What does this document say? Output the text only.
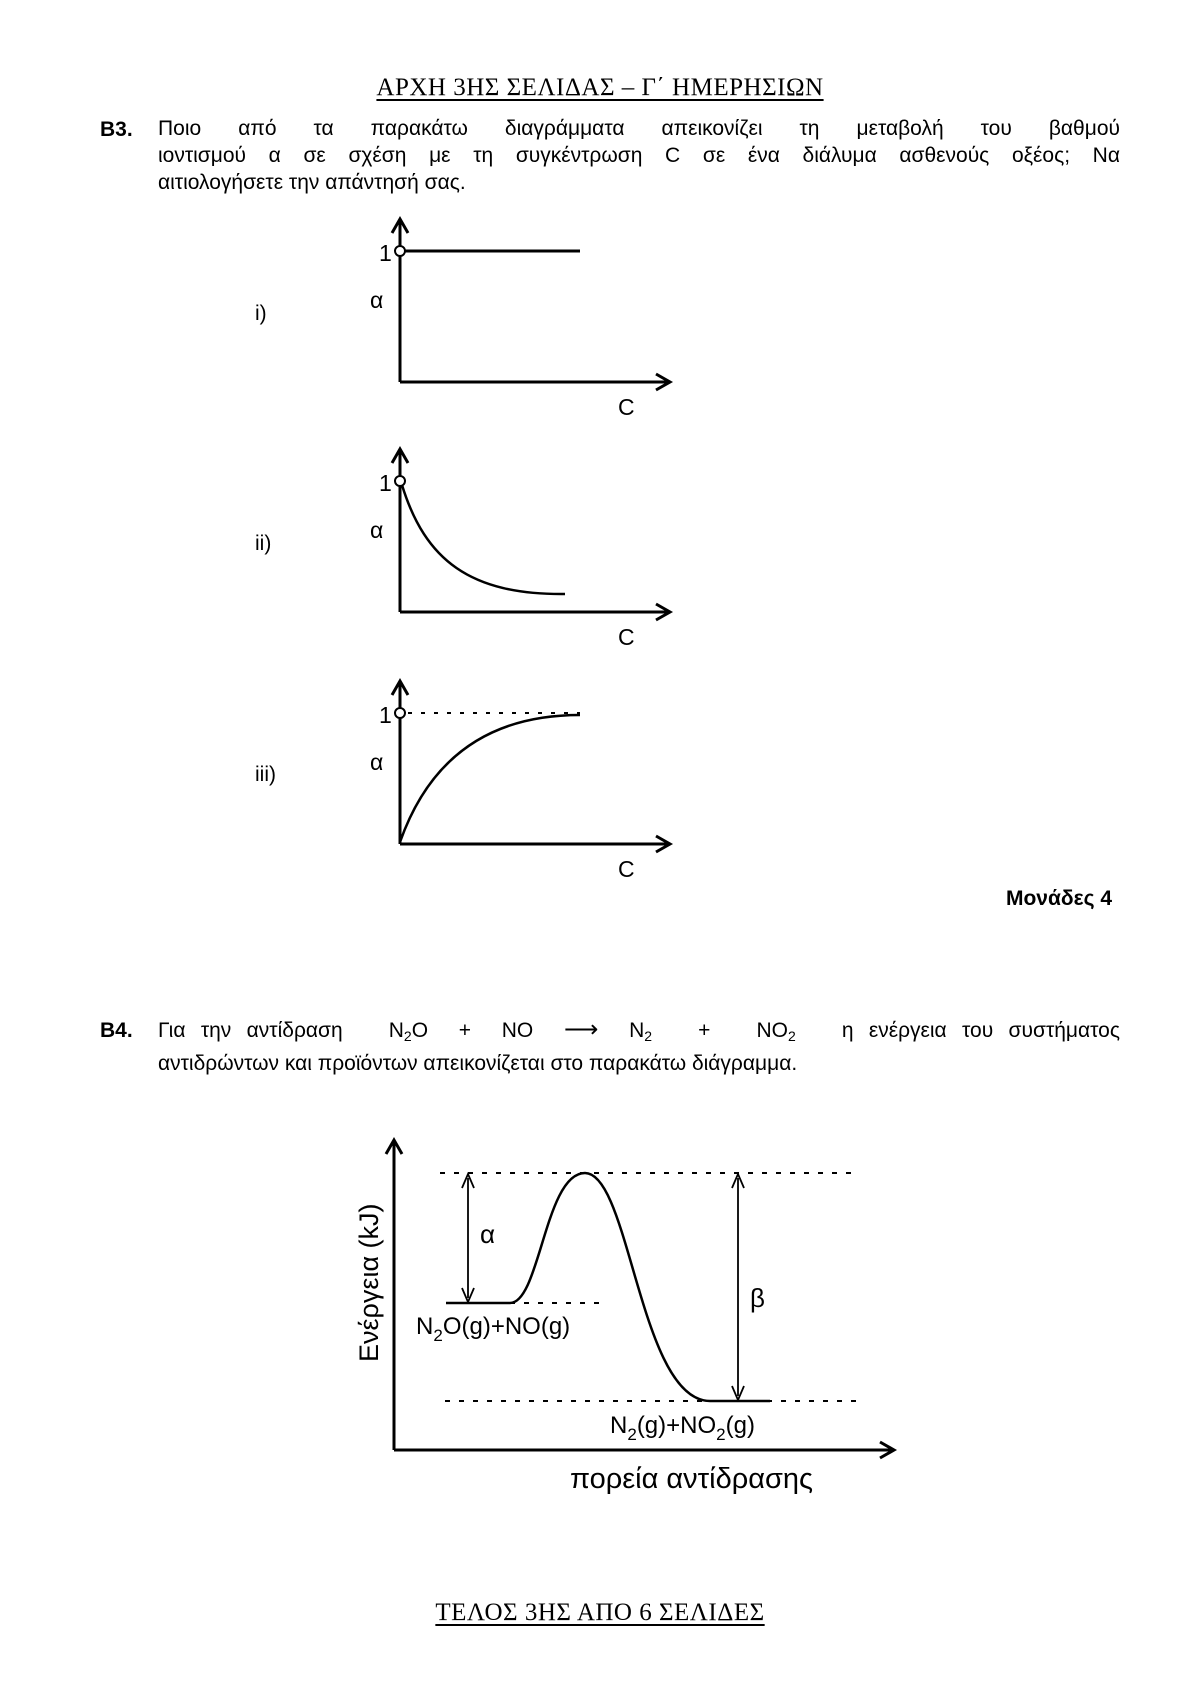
ΑΡΧΗ 3ΗΣ ΣΕΛΙΔΑΣ – Γ΄ ΗΜΕΡΗΣΙΩΝ
Β3. Ποιο από τα παρακάτω διαγράμματα απεικονίζει τη μεταβολή του βαθμού
ιοντισμού α σε σχέση με τη συγκέντρωση C σε ένα διάλυμα ασθενούς οξέος; Να
αιτιολογήσετε την απάντησή σας.
i)
1
α
C
ii)
1
α
C
iii)
1
α
C
Μονάδες 4
Β4. Για την αντίδραση $N_2O$ + NO ⟶ $N_2 + NO_2$ η ενέργεια του συστήματος
αντιδρώντων και προϊόντων απεικονίζεται στο παρακάτω διάγραμμα.
α
β
$N_2O(g)+NO(g)$
$N_2(g)+NO_2(g)$
Ενέργεια (kJ)
πορεία αντίδρασης
ΤΕΛΟΣ 3ΗΣ ΑΠΟ 6 ΣΕΛΙΔΕΣ
